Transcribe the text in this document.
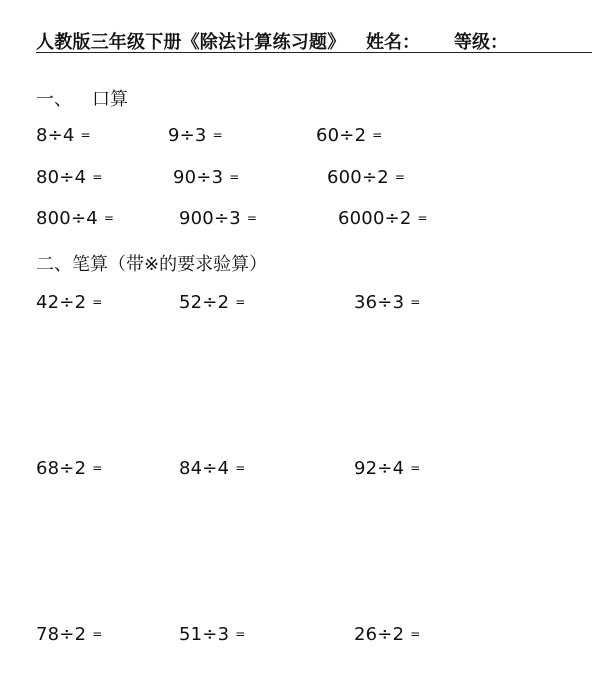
人教版三年级下册《除法计算练习题》 姓名： 等级：
一、 口算
8÷4 =	9÷3 =	60÷2 =
80÷4 =	90÷3 =	600÷2 =
800÷4 =	900÷3 =	6000÷2 =
二、笔算（带※的要求验算）
42÷2 =	52÷2 =	36÷3 =
68÷2 =	84÷4 =	92÷4 =
78÷2 =	51÷3 =	26÷2 =
